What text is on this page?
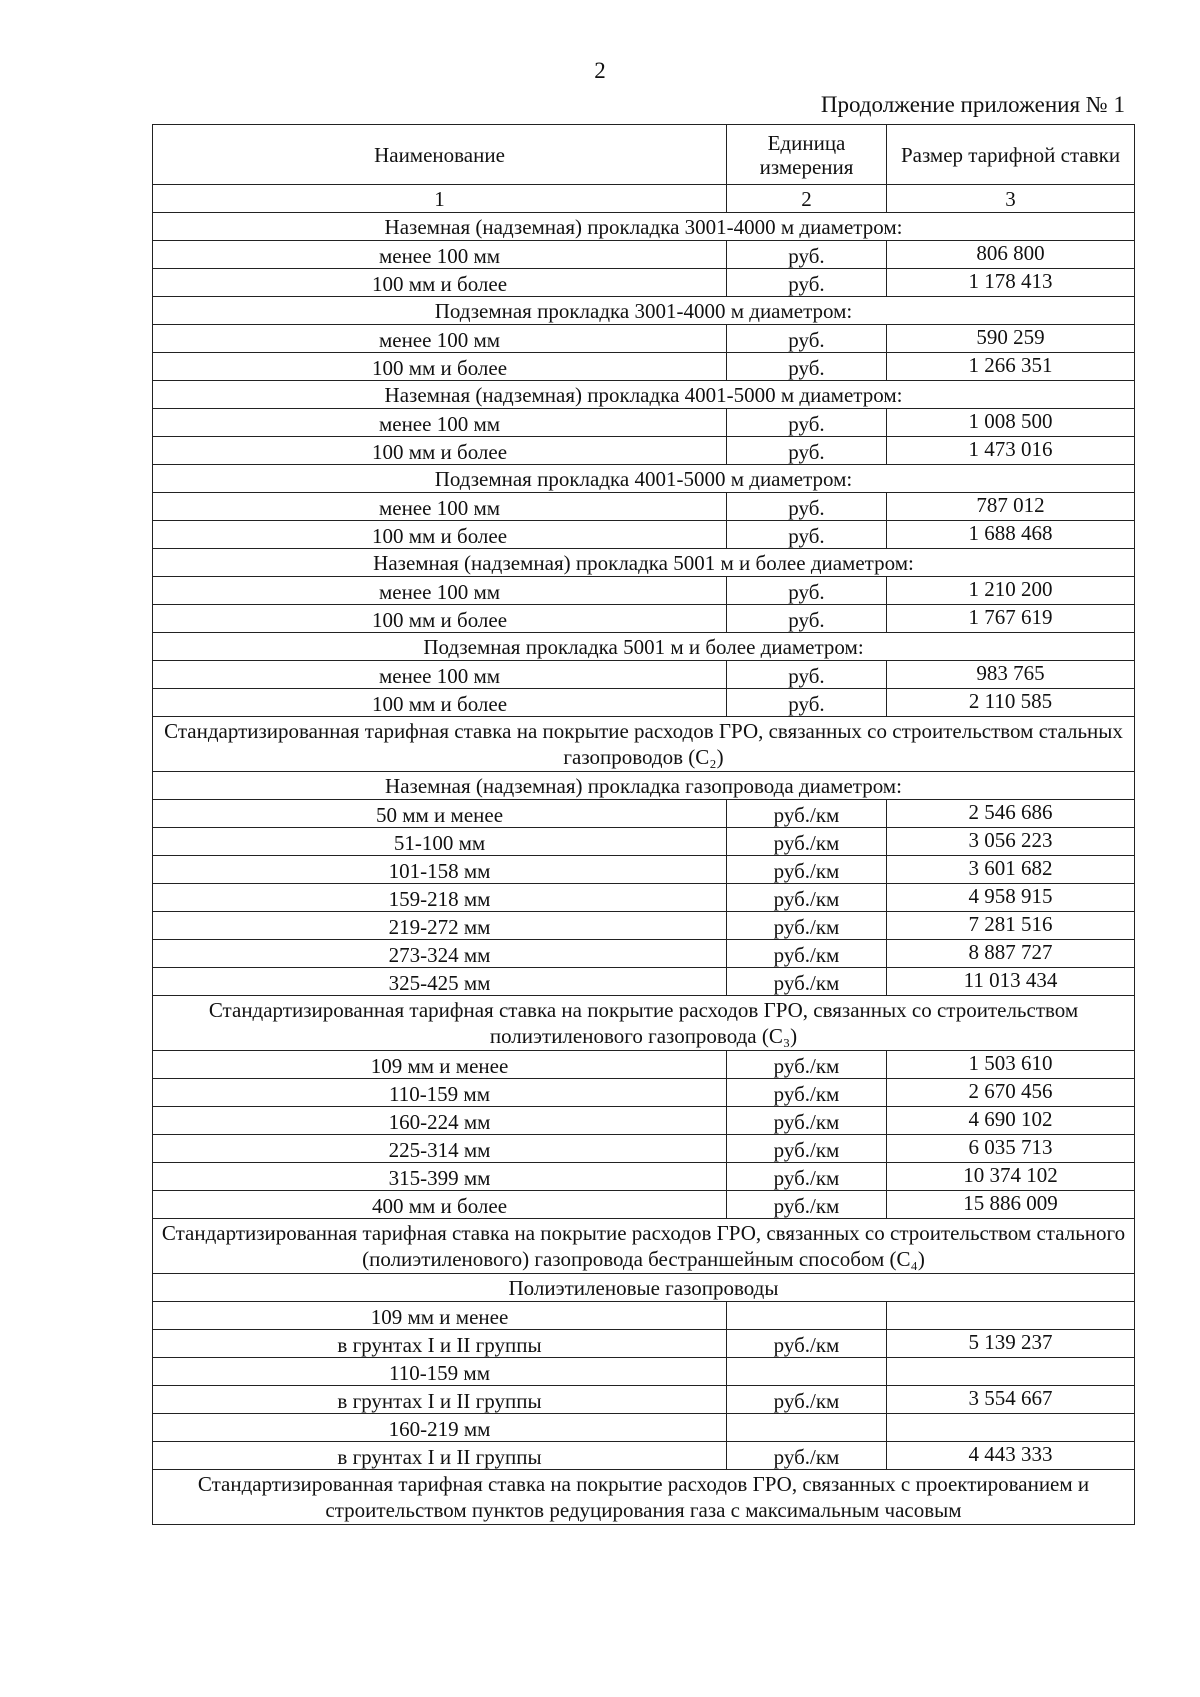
2
Продолжение приложения № 1
Наименование	Единица измерения	Размер тарифной ставки
1	2	3
Наземная (надземная) прокладка 3001-4000 м диаметром:		
менее 100 мм	руб.	806 800
100 мм и более	руб.	1 178 413
Подземная прокладка 3001-4000 м диаметром:		
менее 100 мм	руб.	590 259
100 мм и более	руб.	1 266 351
Наземная (надземная) прокладка 4001-5000 м диаметром:		
менее 100 мм	руб.	1 008 500
100 мм и более	руб.	1 473 016
Подземная прокладка 4001-5000 м диаметром:		
менее 100 мм	руб.	787 012
100 мм и более	руб.	1 688 468
Наземная (надземная) прокладка 5001 м и более диаметром:		
менее 100 мм	руб.	1 210 200
100 мм и более	руб.	1 767 619
Подземная прокладка 5001 м и более диаметром:		
менее 100 мм	руб.	983 765
100 мм и более	руб.	2 110 585
Стандартизированная тарифная ставка на покрытие расходов ГРО, связанных со строительством стальных газопроводов (С₂)		
Наземная (надземная) прокладка газопровода диаметром:		
50 мм и менее	руб./км	2 546 686
51-100 мм	руб./км	3 056 223
101-158 мм	руб./км	3 601 682
159-218 мм	руб./км	4 958 915
219-272 мм	руб./км	7 281 516
273-324 мм	руб./км	8 887 727
325-425 мм	руб./км	11 013 434
Стандартизированная тарифная ставка на покрытие расходов ГРО, связанных со строительством полиэтиленового газопровода (С₃)		
109 мм и менее	руб./км	1 503 610
110-159 мм	руб./км	2 670 456
160-224 мм	руб./км	4 690 102
225-314 мм	руб./км	6 035 713
315-399 мм	руб./км	10 374 102
400 мм и более	руб./км	15 886 009
Стандартизированная тарифная ставка на покрытие расходов ГРО, связанных со строительством стального (полиэтиленового) газопровода бестраншейным способом (С₄)		
Полиэтиленовые газопроводы		
109 мм и менее		
в грунтах I и II группы	руб./км	5 139 237
110-159 мм		
в грунтах I и II группы	руб./км	3 554 667
160-219 мм		
в грунтах I и II группы	руб./км	4 443 333
Стандартизированная тарифная ставка на покрытие расходов ГРО, связанных с проектированием и строительством пунктов редуцирования газа с максимальным часовым		
